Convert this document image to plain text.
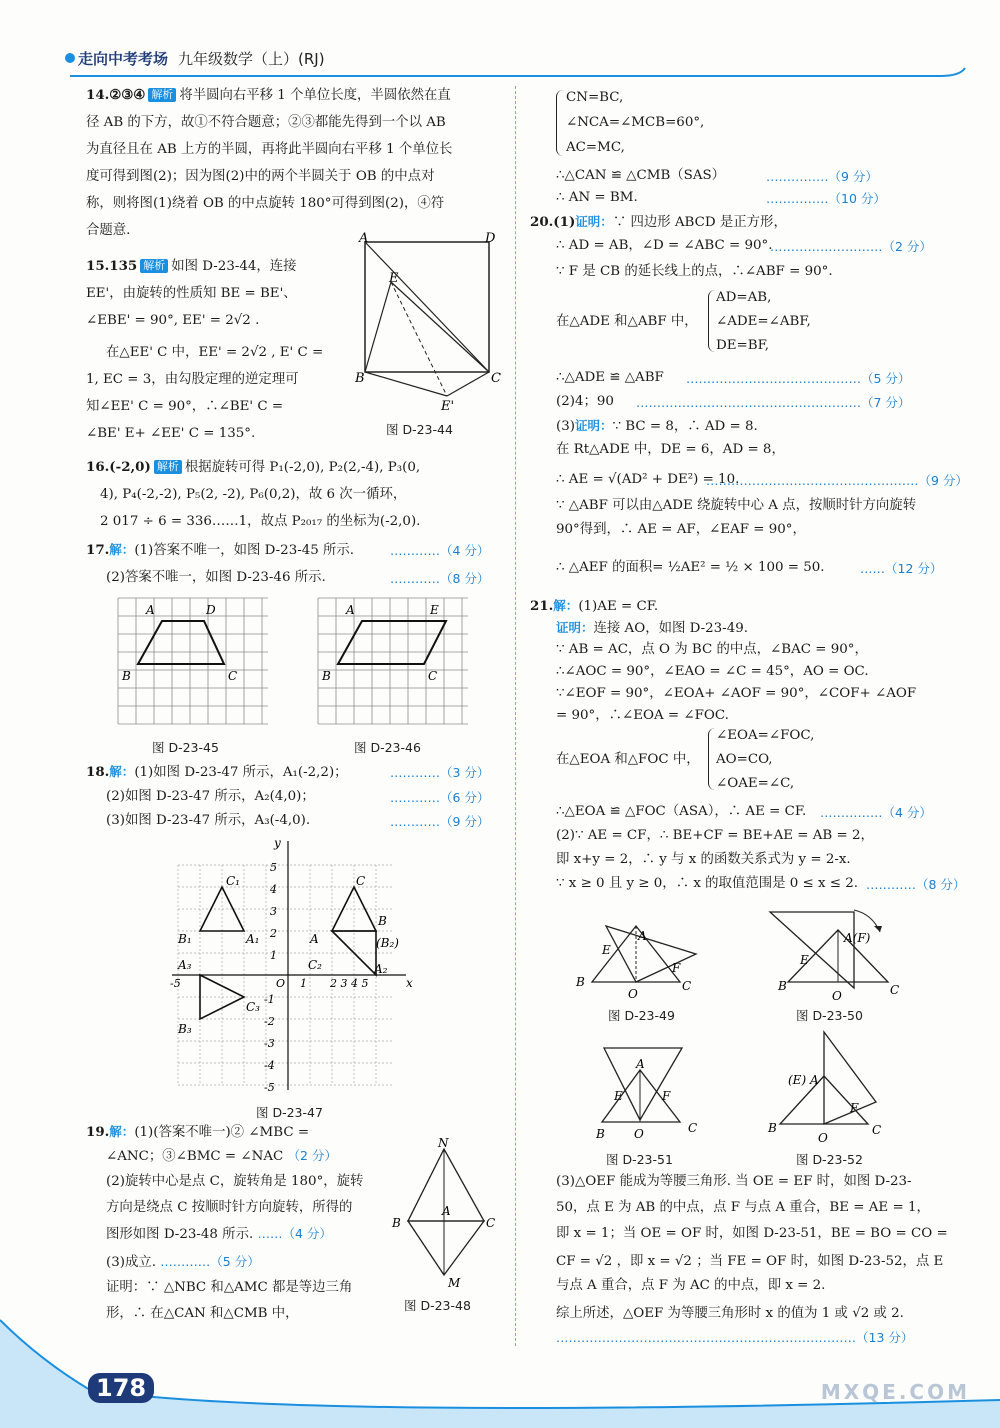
走向中考考场 九年级数学（上）(RJ)
14.②③④ 解析 将半圆向右平移 1 个单位长度，半圆依然在直
径 AB 的下方，故①不符合题意；②③都能先得到一个以 AB
为直径且在 AB 上方的半圆，再将此半圆向右平移 1 个单位长
度可得到图(2)；因为图(2)中的两个半圆关于 OB 的中点对
称，则将图(1)绕着 OB 的中点旋转 180°可得到图(2)，④符
合题意.
15.135 解析 如图 D-23-44，连接
EE'，由旋转的性质知 BE = BE'、
∠EBE' = 90°, EE' = 2√2 .
在△EE' C 中，EE' = 2√2 , E' C =
1, EC = 3，由勾股定理的逆定理可
知∠EE' C = 90°，∴∠BE' C =
∠BE' E+ ∠EE' C = 135°.
A	D
E
B	C
E'
图 D-23-44
16.(-2,0) 解析 根据旋转可得 P₁(-2,0), P₂(2,-4), P₃(0,
4), P₄(-2,-2), P₅(2, -2), P₆(0,2)，故 6 次一循环，
2 017 ÷ 6 = 336……1，故点 P₂₀₁₇ 的坐标为(-2,0).
17.解：(1)答案不唯一，如图 D-23-45 所示.	…………（4 分）
(2)答案不唯一，如图 D-23-46 所示.	…………（8 分）
A	D
B	C
图 D-23-45
A	E
B	C
图 D-23-46
18.解：(1)如图 D-23-47 所示，A₁(-2,2)；	…………（3 分）
(2)如图 D-23-47 所示，A₂(4,0)；	…………（6 分）
(3)如图 D-23-47 所示，A₃(-4,0).	…………（9 分）
y
x
O
-5	2 3 4 5
1
5
4
3
2
1
-1
-2
-3
-4
-5
C₁	C
B₁	A₁	A
B
(B₂)
C₂
A₃	A₂
C₃
B₃
图 D-23-47
19.解：(1)(答案不唯一)② ∠MBC =
∠ANC；③∠BMC = ∠NAC （2 分）
(2)旋转中心是点 C，旋转角是 180°，旋转
方向是绕点 C 按顺时针方向旋转，所得的
图形如图 D-23-48 所示. ……（4 分）
(3)成立. …………（5 分）
证明：∵ △NBC 和△AMC 都是等边三角
形，∴ 在△CAN 和△CMB 中，
N
B
A
C
M
图 D-23-48
CN=BC,
∠NCA=∠MCB=60°,
AC=MC,
∴△CAN ≌ △CMB（SAS）	……………（9 分）
∴ AN = BM.	……………（10 分）
20.(1)证明：∵ 四边形 ABCD 是正方形，
∴ AD = AB，∠D = ∠ABC = 90°.
………………………（2 分）
∵ F 是 CB 的延长线上的点，∴∠ABF = 90°.
AD=AB,
在△ADE 和△ABF 中， ∠ADE=∠ABF,
DE=BF,
∴△ADE ≌ △ABF ……………………………………（5 分）
(2)4；90 ………………………………………………（7 分）
(3)证明：∵ BC = 8，∴ AD = 8.
在 Rt△ADE 中，DE = 6，AD = 8，
∴ AE = √(AD² + DE²) = 10.
……………………………………………（9 分）
∵ △ABF 可以由△ADE 绕旋转中心 A 点，按顺时针方向旋转
90°得到，∴ AE = AF，∠EAF = 90°，
∴ △AEF 的面积= ½AE² = ½ × 100 = 50.	……（12 分）
21.解：(1)AE = CF.
证明：连接 AO，如图 D-23-49.
∵ AB = AC，点 O 为 BC 的中点，∠BAC = 90°，
∴∠AOC = 90°，∠EAO = ∠C = 45°，AO = OC.
∵∠EOF = 90°，∠EOA+ ∠AOF = 90°，∠COF+ ∠AOF
= 90°，∴∠EOA = ∠FOC.
∠EOA=∠FOC,
在△EOA 和△FOC 中， AO=CO,
∠OAE=∠C,
∴△EOA ≌ △FOC（ASA），∴ AE = CF. ……………（4 分）
(2)∵ AE = CF，∴ BE+CF = BE+AE = AB = 2，
即 x+y = 2，∴ y 与 x 的函数关系式为 y = 2-x.
∵ x ≥ 0 且 y ≥ 0，∴ x 的取值范围是 0 ≤ x ≤ 2. …………（8 分）
E
A
F
B
O
C
图 D-23-49
A(F)
E
B
O	C
图 D-23-50
A
E	F
B O	C
图 D-23-51
(E) A
F
B
O
C
图 D-23-52
(3)△OEF 能成为等腰三角形. 当 OE = EF 时，如图 D-23-
50，点 E 为 AB 的中点，点 F 与点 A 重合，BE = AE = 1，
即 x = 1；当 OE = OF 时，如图 D-23-51，BE = BO = CO =
CF = √2 ，即 x = √2 ；当 FE = OF 时，如图 D-23-52，点 E
与点 A 重合，点 F 为 AC 的中点，即 x = 2.
综上所述，△OEF 为等腰三角形时 x 的值为 1 或 √2 或 2.
………………………………………………………………（13 分）
178	MXQE.COM
